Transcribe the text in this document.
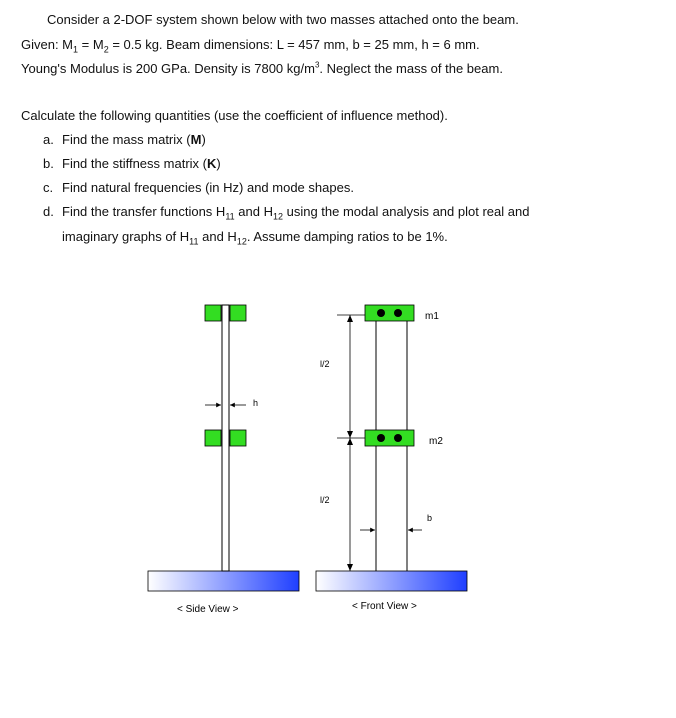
Consider a 2-DOF system shown below with two masses attached onto the beam.
Given: $M_1 = M_2 = 0.5$ kg. Beam dimensions: L = 457 mm, b = 25 mm, h = 6 mm.
Young's Modulus is 200 GPa. Density is 7800 $kg/m^3$. Neglect the mass of the beam.
Calculate the following quantities (use the coefficient of influence method).
a. Find the mass matrix (M)
b. Find the stiffness matrix (K)
c. Find natural frequencies (in Hz) and mode shapes.
d. Find the transfer functions $H_{11}$ and $H_{12}$ using the modal analysis and plot real and
imaginary graphs of $H_{11}$ and $H_{12}$. Assume damping ratios to be 1%.
h
< Side View >
l/2
l/2
b
m1
m2
< Front View >
